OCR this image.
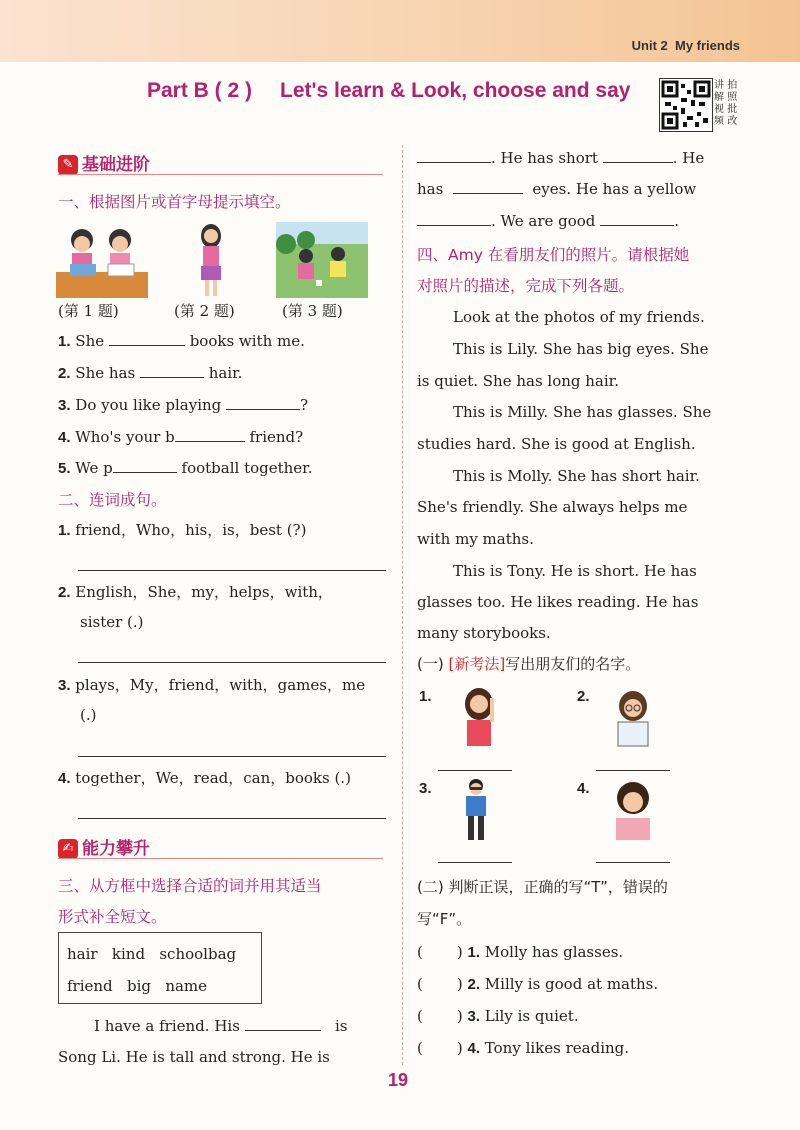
Unit 2 My friends
Part B ( 2 ) Let's learn & Look, choose and say	讲 拍
解 照
视 批
频 改
✎ 基础进阶
一、根据图片或首字母提示填空。
(第 1 题)	(第 2 题)	(第 3 题)
1. She	books with me.
2. She has	hair.
3. Do you like playing	?
4. Who's your b	friend?
5. We p	football together.
二、连词成句。
1. friend，Who，his，is，best (?)
2. English，She，my，helps，with，
sister (.)
3. plays，My，friend，with，games，me
(.)
4. together，We，read，can，books (.)
✍ 能力攀升
三、从方框中选择合适的词并用其适当
形式补全短文。
hair kind schoolbag
friend big name
I have a friend. His	is
Song Li. He is tall and strong. He is
. He has short	. He
has	eyes. He has a yellow
. We are good	.
四、Amy 在看朋友们的照片。请根据她
对照片的描述，完成下列各题。
Look at the photos of my friends.
This is Lily. She has big eyes. She
is quiet. She has long hair.
This is Milly. She has glasses. She
studies hard. She is good at English.
This is Molly. She has short hair.
She's friendly. She always helps me
with my maths.
This is Tony. He is short. He has
glasses too. He likes reading. He has
many storybooks.
(一) [新考法]写出朋友们的名字。
1.	2.
3.	4.
(二) 判断正误，正确的写“T”，错误的
写“F”。
( ) 1. Molly has glasses.
( ) 2. Milly is good at maths.
( ) 3. Lily is quiet.
( ) 4. Tony likes reading.
19
